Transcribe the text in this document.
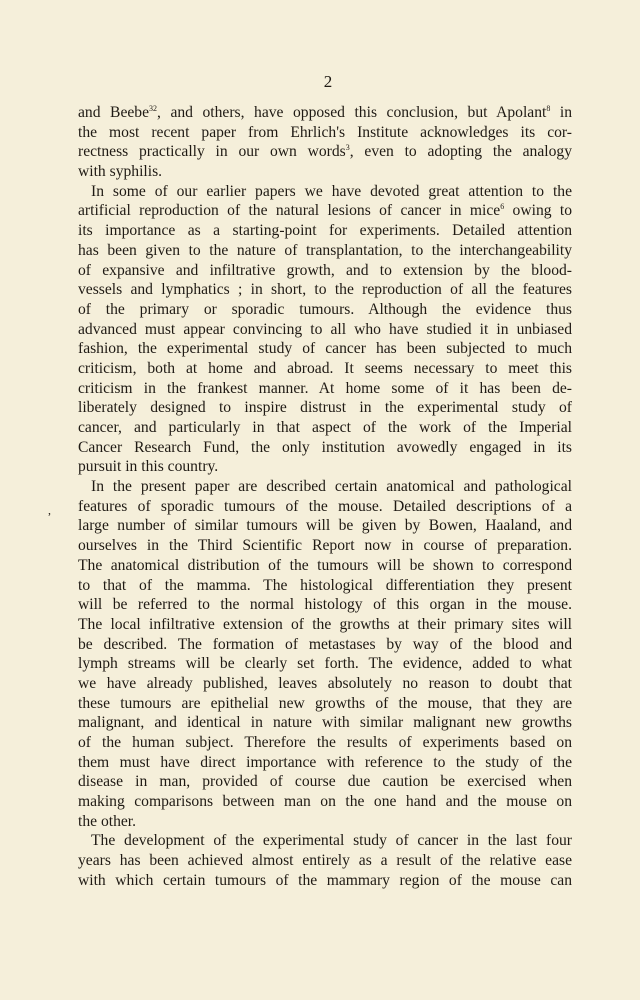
2
,
and Beebe$^{32}$, and others, have opposed this conclusion, but Apolant$^8$ in
the most recent paper from Ehrlich's Institute acknowledges its cor-
rectness practically in our own words$^3$, even to adopting the analogy
with syphilis.
In some of our earlier papers we have devoted great attention to the
artificial reproduction of the natural lesions of cancer in mice$^6$ owing to
its importance as a starting-point for experiments. Detailed attention
has been given to the nature of transplantation, to the interchangeability
of expansive and infiltrative growth, and to extension by the blood-
vessels and lymphatics ; in short, to the reproduction of all the features
of the primary or sporadic tumours. Although the evidence thus
advanced must appear convincing to all who have studied it in unbiased
fashion, the experimental study of cancer has been subjected to much
criticism, both at home and abroad. It seems necessary to meet this
criticism in the frankest manner. At home some of it has been de-
liberately designed to inspire distrust in the experimental study of
cancer, and particularly in that aspect of the work of the Imperial
Cancer Research Fund, the only institution avowedly engaged in its
pursuit in this country.
In the present paper are described certain anatomical and pathological
features of sporadic tumours of the mouse. Detailed descriptions of a
large number of similar tumours will be given by Bowen, Haaland, and
ourselves in the Third Scientific Report now in course of preparation.
The anatomical distribution of the tumours will be shown to correspond
to that of the mamma. The histological differentiation they present
will be referred to the normal histology of this organ in the mouse.
The local infiltrative extension of the growths at their primary sites will
be described. The formation of metastases by way of the blood and
lymph streams will be clearly set forth. The evidence, added to what
we have already published, leaves absolutely no reason to doubt that
these tumours are epithelial new growths of the mouse, that they are
malignant, and identical in nature with similar malignant new growths
of the human subject. Therefore the results of experiments based on
them must have direct importance with reference to the study of the
disease in man, provided of course due caution be exercised when
making comparisons between man on the one hand and the mouse on
the other.
The development of the experimental study of cancer in the last four
years has been achieved almost entirely as a result of the relative ease
with which certain tumours of the mammary region of the mouse can
